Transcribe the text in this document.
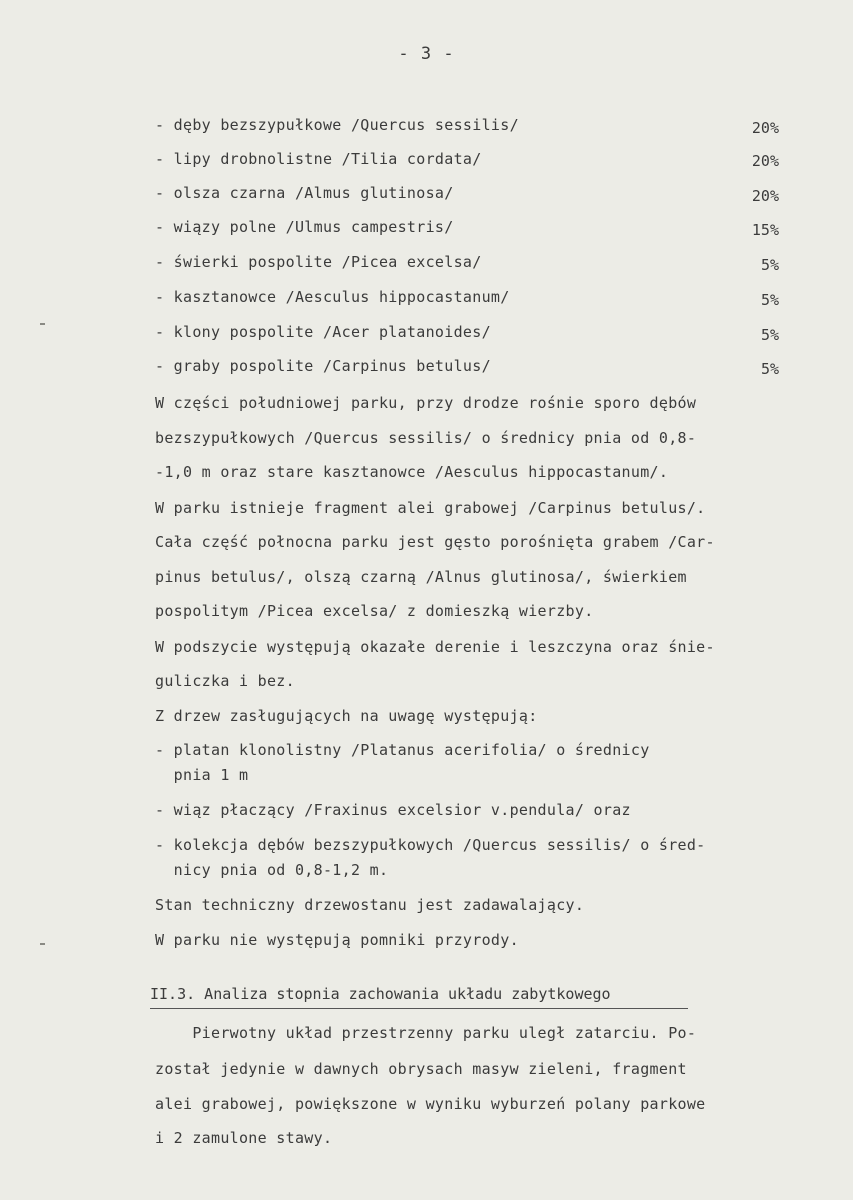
- 3 -
- dęby bezszypułkowe /Quercus sessilis/	20%
- lipy drobnolistne /Tilia cordata/	20%
- olsza czarna /Almus glutinosa/	20%
- wiązy polne /Ulmus campestris/	15%
- świerki pospolite /Picea excelsa/	5%
- kasztanowce /Aesculus hippocastanum/	5%
- klony pospolite /Acer platanoides/	5%
- graby pospolite /Carpinus betulus/	5%
W części południowej parku, przy drodze rośnie sporo dębów
bezszypułkowych /Quercus sessilis/ o średnicy pnia od 0,8-
-1,0 m oraz stare kasztanowce /Aesculus hippocastanum/.
W parku istnieje fragment alei grabowej /Carpinus betulus/.
Cała część połnocna parku jest gęsto porośnięta grabem /Car-
pinus betulus/, olszą czarną /Alnus glutinosa/, świerkiem
pospolitym /Picea excelsa/ z domieszką wierzby.
W podszycie występują okazałe derenie i leszczyna oraz śnie-
guliczka i bez.
Z drzew zasługujących na uwagę występują:
- platan klonolistny /Platanus acerifolia/ o średnicy
pnia 1 m
- wiąz płaczący /Fraxinus excelsior v.pendula/ oraz
- kolekcja dębów bezszypułkowych /Quercus sessilis/ o śred-
nicy pnia od 0,8-1,2 m.
Stan techniczny drzewostanu jest zadawalający.
W parku nie występują pomniki przyrody.
II.3. Analiza stopnia zachowania układu zabytkowego
Pierwotny układ przestrzenny parku uległ zatarciu. Po-
został jedynie w dawnych obrysach masyw zieleni, fragment
alei grabowej, powiększone w wyniku wyburzeń polany parkowe
i 2 zamulone stawy.
